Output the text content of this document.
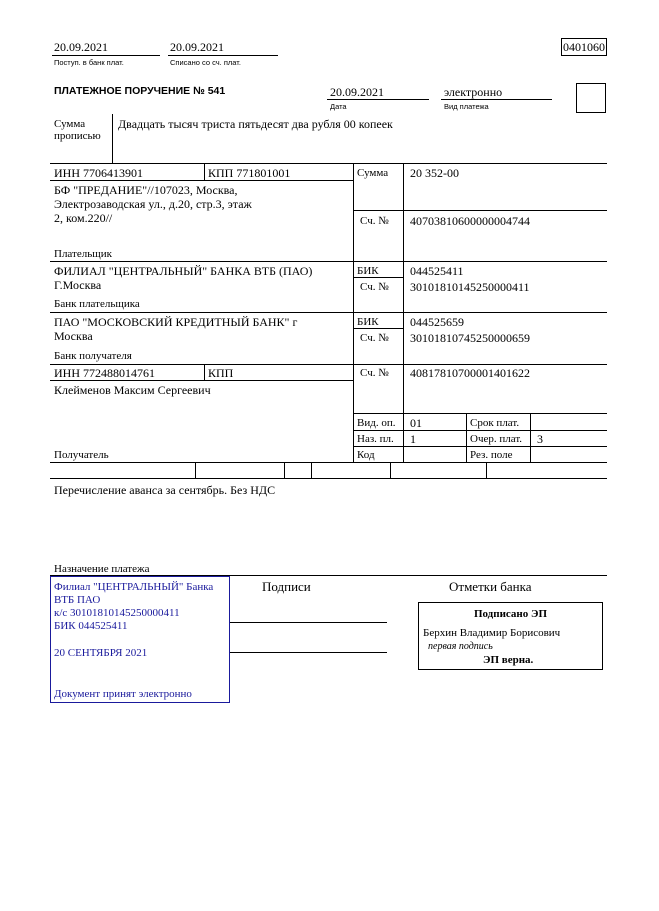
20.09.2021
Поступ. в банк плат.
20.09.2021
Списано со сч. плат.
0401060
ПЛАТЕЖНОЕ ПОРУЧЕНИЕ № 541	20.09.2021
Дата
электронно
Вид платежа
Сумма
прописью
Двадцать тысяч триста пятьдесят два рубля 00 копеек
ИНН 7706413901	КПП 771801001	Сумма 20 352-00
БФ "ПРЕДАНИЕ"//107023, Москва,
Электрозаводская ул., д.20, стр.3, этаж
2, ком.220//
Плательщик
Сч. № 40703810600000004744
ФИЛИАЛ "ЦЕНТРАЛЬНЫЙ" БАНКА ВТБ (ПАО)
Г.Москва
Банк плательщика
БИК	044525411
Сч. № 30101810145250000411
ПАО "МОСКОВСКИЙ КРЕДИТНЫЙ БАНК" г
Москва
Банк получателя
БИК	044525659
Сч. № 30101810745250000659
ИНН 772488014761	КПП	Сч. № 40817810700001401622
Клейменов Максим Сергеевич
Получатель
Вид. оп. 01	Срок плат.
Наз. пл. 1	Очер. плат. 3
Код	Рез. поле
Перечисление аванса за сентябрь. Без НДС
Назначение платежа
Подписи	Отметки банка
Филиал "ЦЕНТРАЛЬНЫЙ" Банка
ВТБ ПАО
к/с 30101810145250000411
БИК 044525411
20 СЕНТЯБРЯ 2021
Документ принят электронно
Подписано ЭП
Берхин Владимир Борисович
первая подпись
ЭП верна.
